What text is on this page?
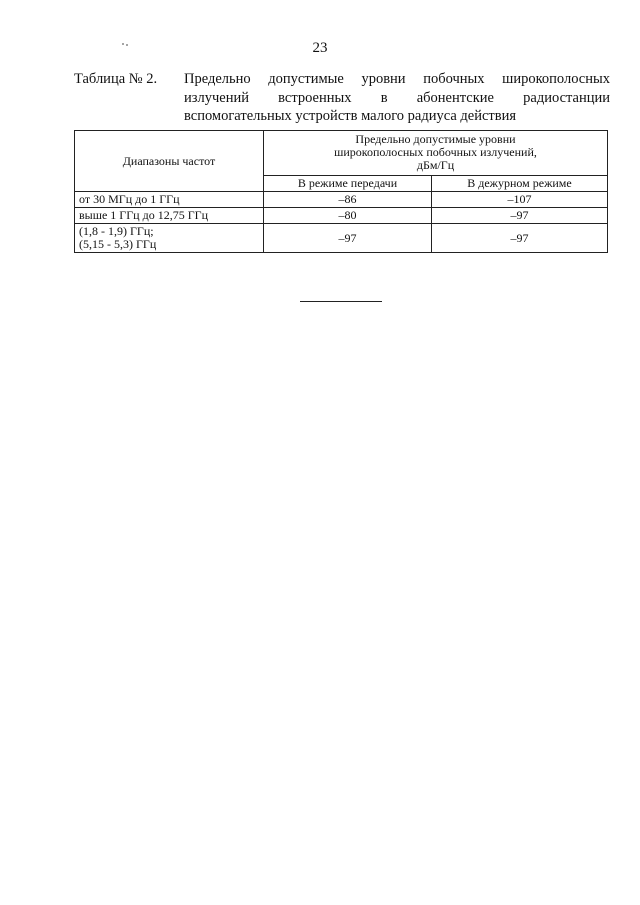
23
Таблица № 2.	Предельно допустимые уровни побочных широкополосных
излучений встроенных в абонентские радиостанции
вспомогательных устройств малого радиуса действия
Диапазоны частот	Предельно допустимые уровни
широкополосных побочных излучений,
дБм/Гц	

	В режиме передачи	В дежурном режиме
от 30 МГц до 1 ГГц	–86	–107
выше 1 ГГц до 12,75 ГГц	–80	–97

(1,8 - 1,9) ГГц;
(5,15 - 5,3) ГГц	–97	–97
